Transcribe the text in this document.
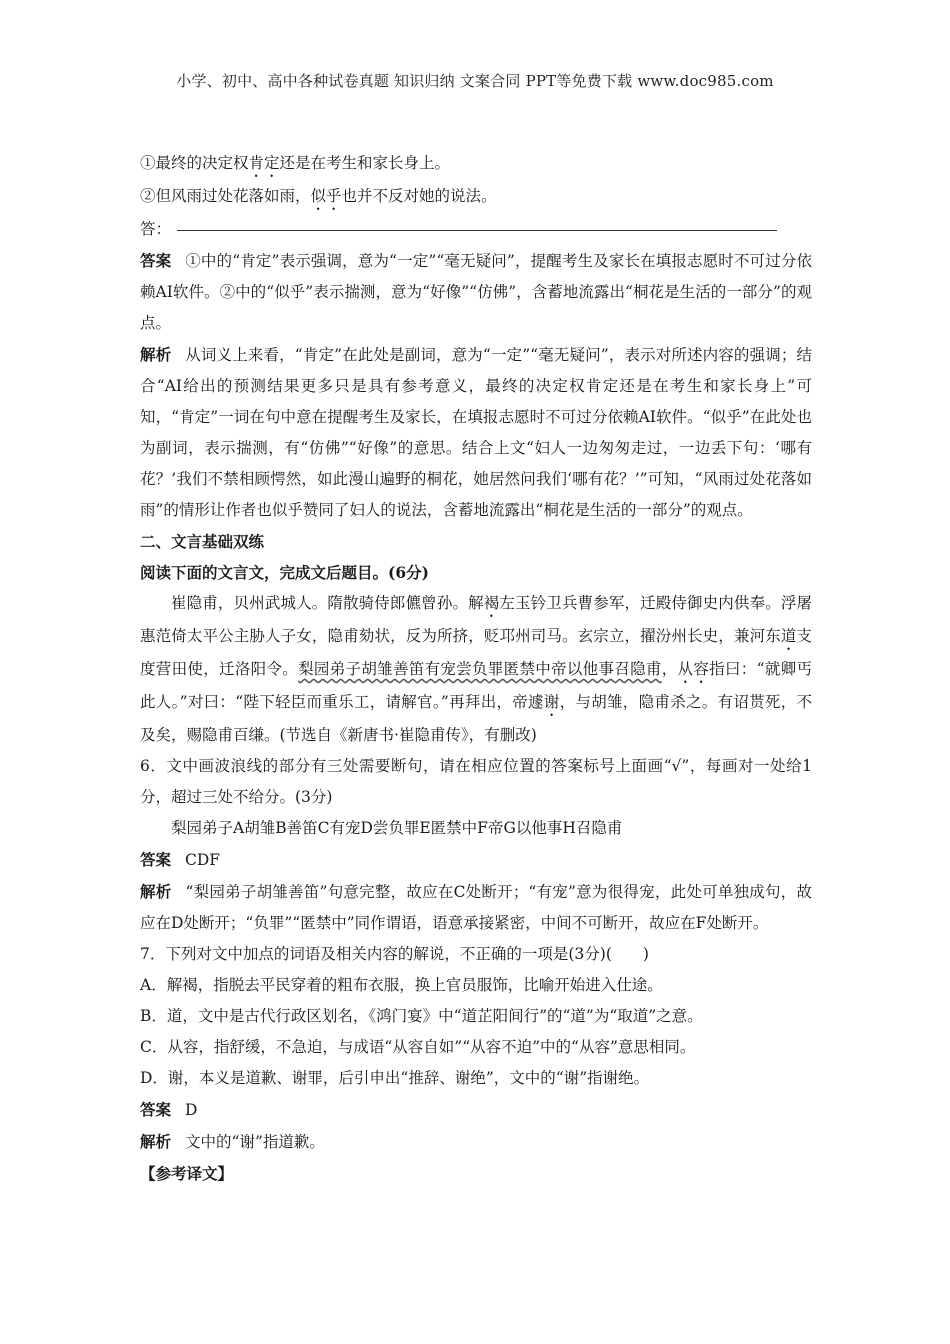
小学、初中、高中各种试卷真题 知识归纳 文案合同 PPT等免费下载 www.doc985.com

①最终的决定权肯定还是在考生和家长身上。

②但风雨过处花落如雨，似乎也并不反对她的说法。

答：

答案 ①中的“肯定”表示强调，意为“一定”“毫无疑问”，提醒考生及家长在填报志愿时不可过分依赖AI软件。②中的“似乎”表示揣测，意为“好像”“仿佛”，含蓄地流露出“桐花是生活的一部分”的观点。

解析 从词义上来看，“肯定”在此处是副词，意为“一定”“毫无疑问”，表示对所述内容的强调；结合“AI给出的预测结果更多只是具有参考意义，最终的决定权肯定还是在考生和家长身上”可知，“肯定”一词在句中意在提醒考生及家长，在填报志愿时不可过分依赖AI软件。“似乎”在此处也为副词，表示揣测，有“仿佛”“好像”的意思。结合上文“妇人一边匆匆走过，一边丢下句：‘哪有花？’我们不禁相顾愕然，如此漫山遍野的桐花，她居然问我们‘哪有花？’”可知，“风雨过处花落如雨”的情形让作者也似乎赞同了妇人的说法，含蓄地流露出“桐花是生活的一部分”的观点。

二、文言基础双练

阅读下面的文言文，完成文后题目。(6分)

崔隐甫，贝州武城人。隋散骑侍郎儦曾孙。解褐左玉钤卫兵曹参军，迁殿侍御史内供奉。浮屠惠范倚太平公主胁人子女，隐甫劾状，反为所挤，贬邛州司马。玄宗立，擢汾州长史，兼河东道支度营田使，迁洛阳令。梨园弟子胡雏善笛有宠尝负罪匿禁中帝以他事召隐甫，从容指曰：“就卿丐此人。”对曰：“陛下轻臣而重乐工，请解官。”再拜出，帝遽谢，与胡雏，隐甫杀之。有诏贳死，不及矣，赐隐甫百缣。(节选自《新唐书·崔隐甫传》，有删改)

6．文中画波浪线的部分有三处需要断句，请在相应位置的答案标号上面画“√”，每画对一处给1分，超过三处不给分。(3分)

梨园弟子A胡雏B善笛C有宠D尝负罪E匿禁中F帝G以他事H召隐甫

答案 CDF

解析 “梨园弟子胡雏善笛”句意完整，故应在C处断开；“有宠”意为很得宠，此处可单独成句，故应在D处断开；“负罪”“匿禁中”同作谓语，语意承接紧密，中间不可断开，故应在F处断开。

7．下列对文中加点的词语及相关内容的解说，不正确的一项是(3分)(　　)

A．解褐，指脱去平民穿着的粗布衣服，换上官员服饰，比喻开始进入仕途。

B．道，文中是古代行政区划名，《鸿门宴》中“道芷阳间行”的“道”为“取道”之意。

C．从容，指舒缓，不急迫，与成语“从容自如”“从容不迫”中的“从容”意思相同。

D．谢，本义是道歉、谢罪，后引申出“推辞、谢绝”，文中的“谢”指谢绝。

答案 D

解析 文中的“谢”指道歉。

【参考译文】
